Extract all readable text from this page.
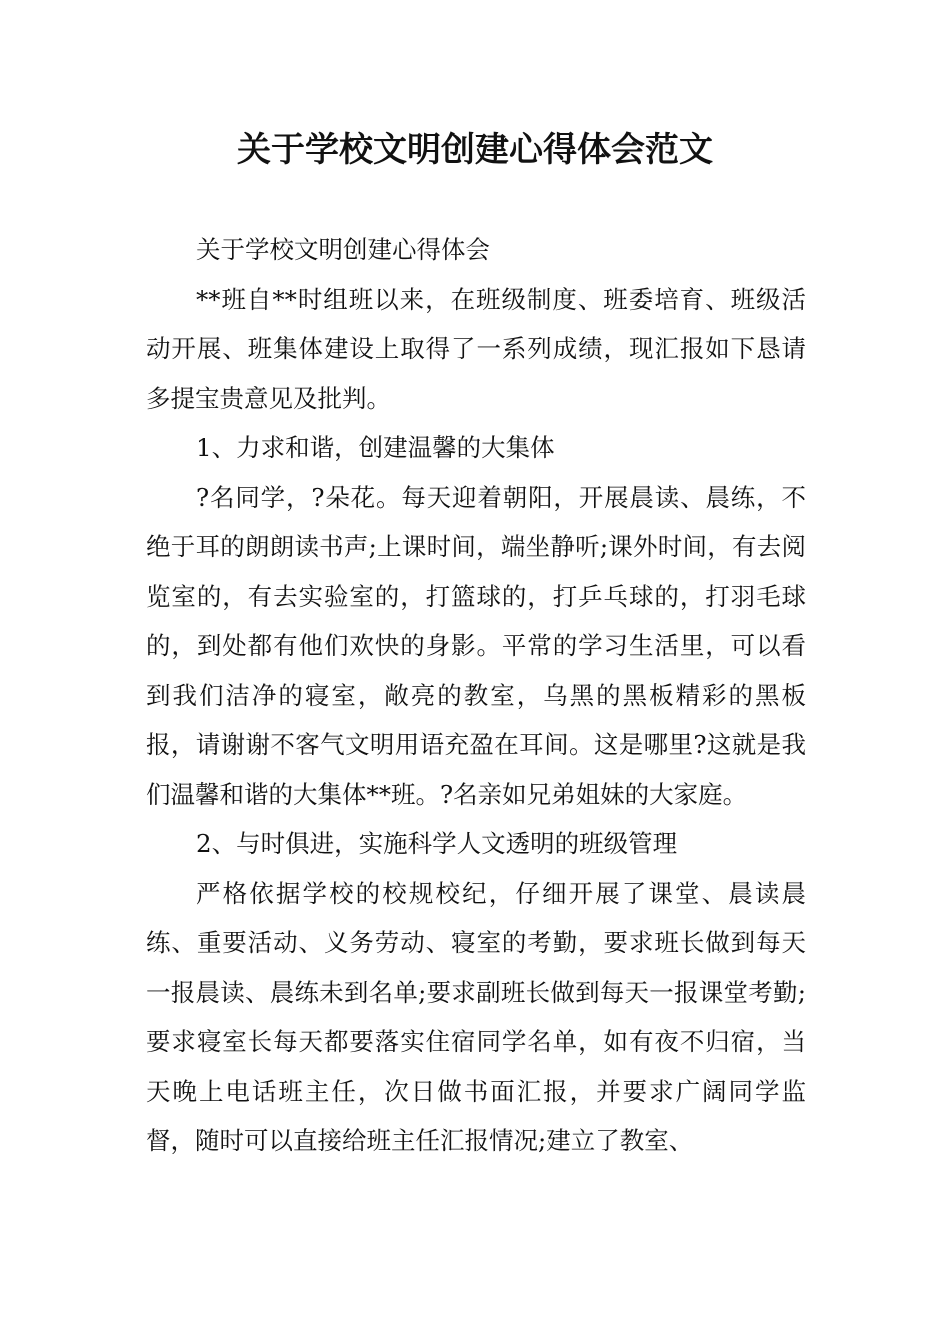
关于学校文明创建心得体会范文

关于学校文明创建心得体会

**班自**时组班以来，在班级制度、班委培育、班级活动开展、班集体建设上取得了一系列成绩，现汇报如下恳请多提宝贵意见及批判。

1、力求和谐，创建温馨的大集体

?名同学，?朵花。每天迎着朝阳，开展晨读、晨练，不绝于耳的朗朗读书声;上课时间，端坐静听;课外时间，有去阅览室的，有去实验室的，打篮球的，打乒乓球的，打羽毛球的，到处都有他们欢快的身影。平常的学习生活里，可以看到我们洁净的寝室，敞亮的教室，乌黑的黑板精彩的黑板报，请谢谢不客气文明用语充盈在耳间。这是哪里?这就是我们温馨和谐的大集体**班。?名亲如兄弟姐妹的大家庭。

2、与时俱进，实施科学人文透明的班级管理

严格依据学校的校规校纪，仔细开展了课堂、晨读晨练、重要活动、义务劳动、寝室的考勤，要求班长做到每天一报晨读、晨练未到名单;要求副班长做到每天一报课堂考勤;要求寝室长每天都要落实住宿同学名单，如有夜不归宿，当天晚上电话班主任，次日做书面汇报，并要求广阔同学监督，随时可以直接给班主任汇报情况;建立了教室、
